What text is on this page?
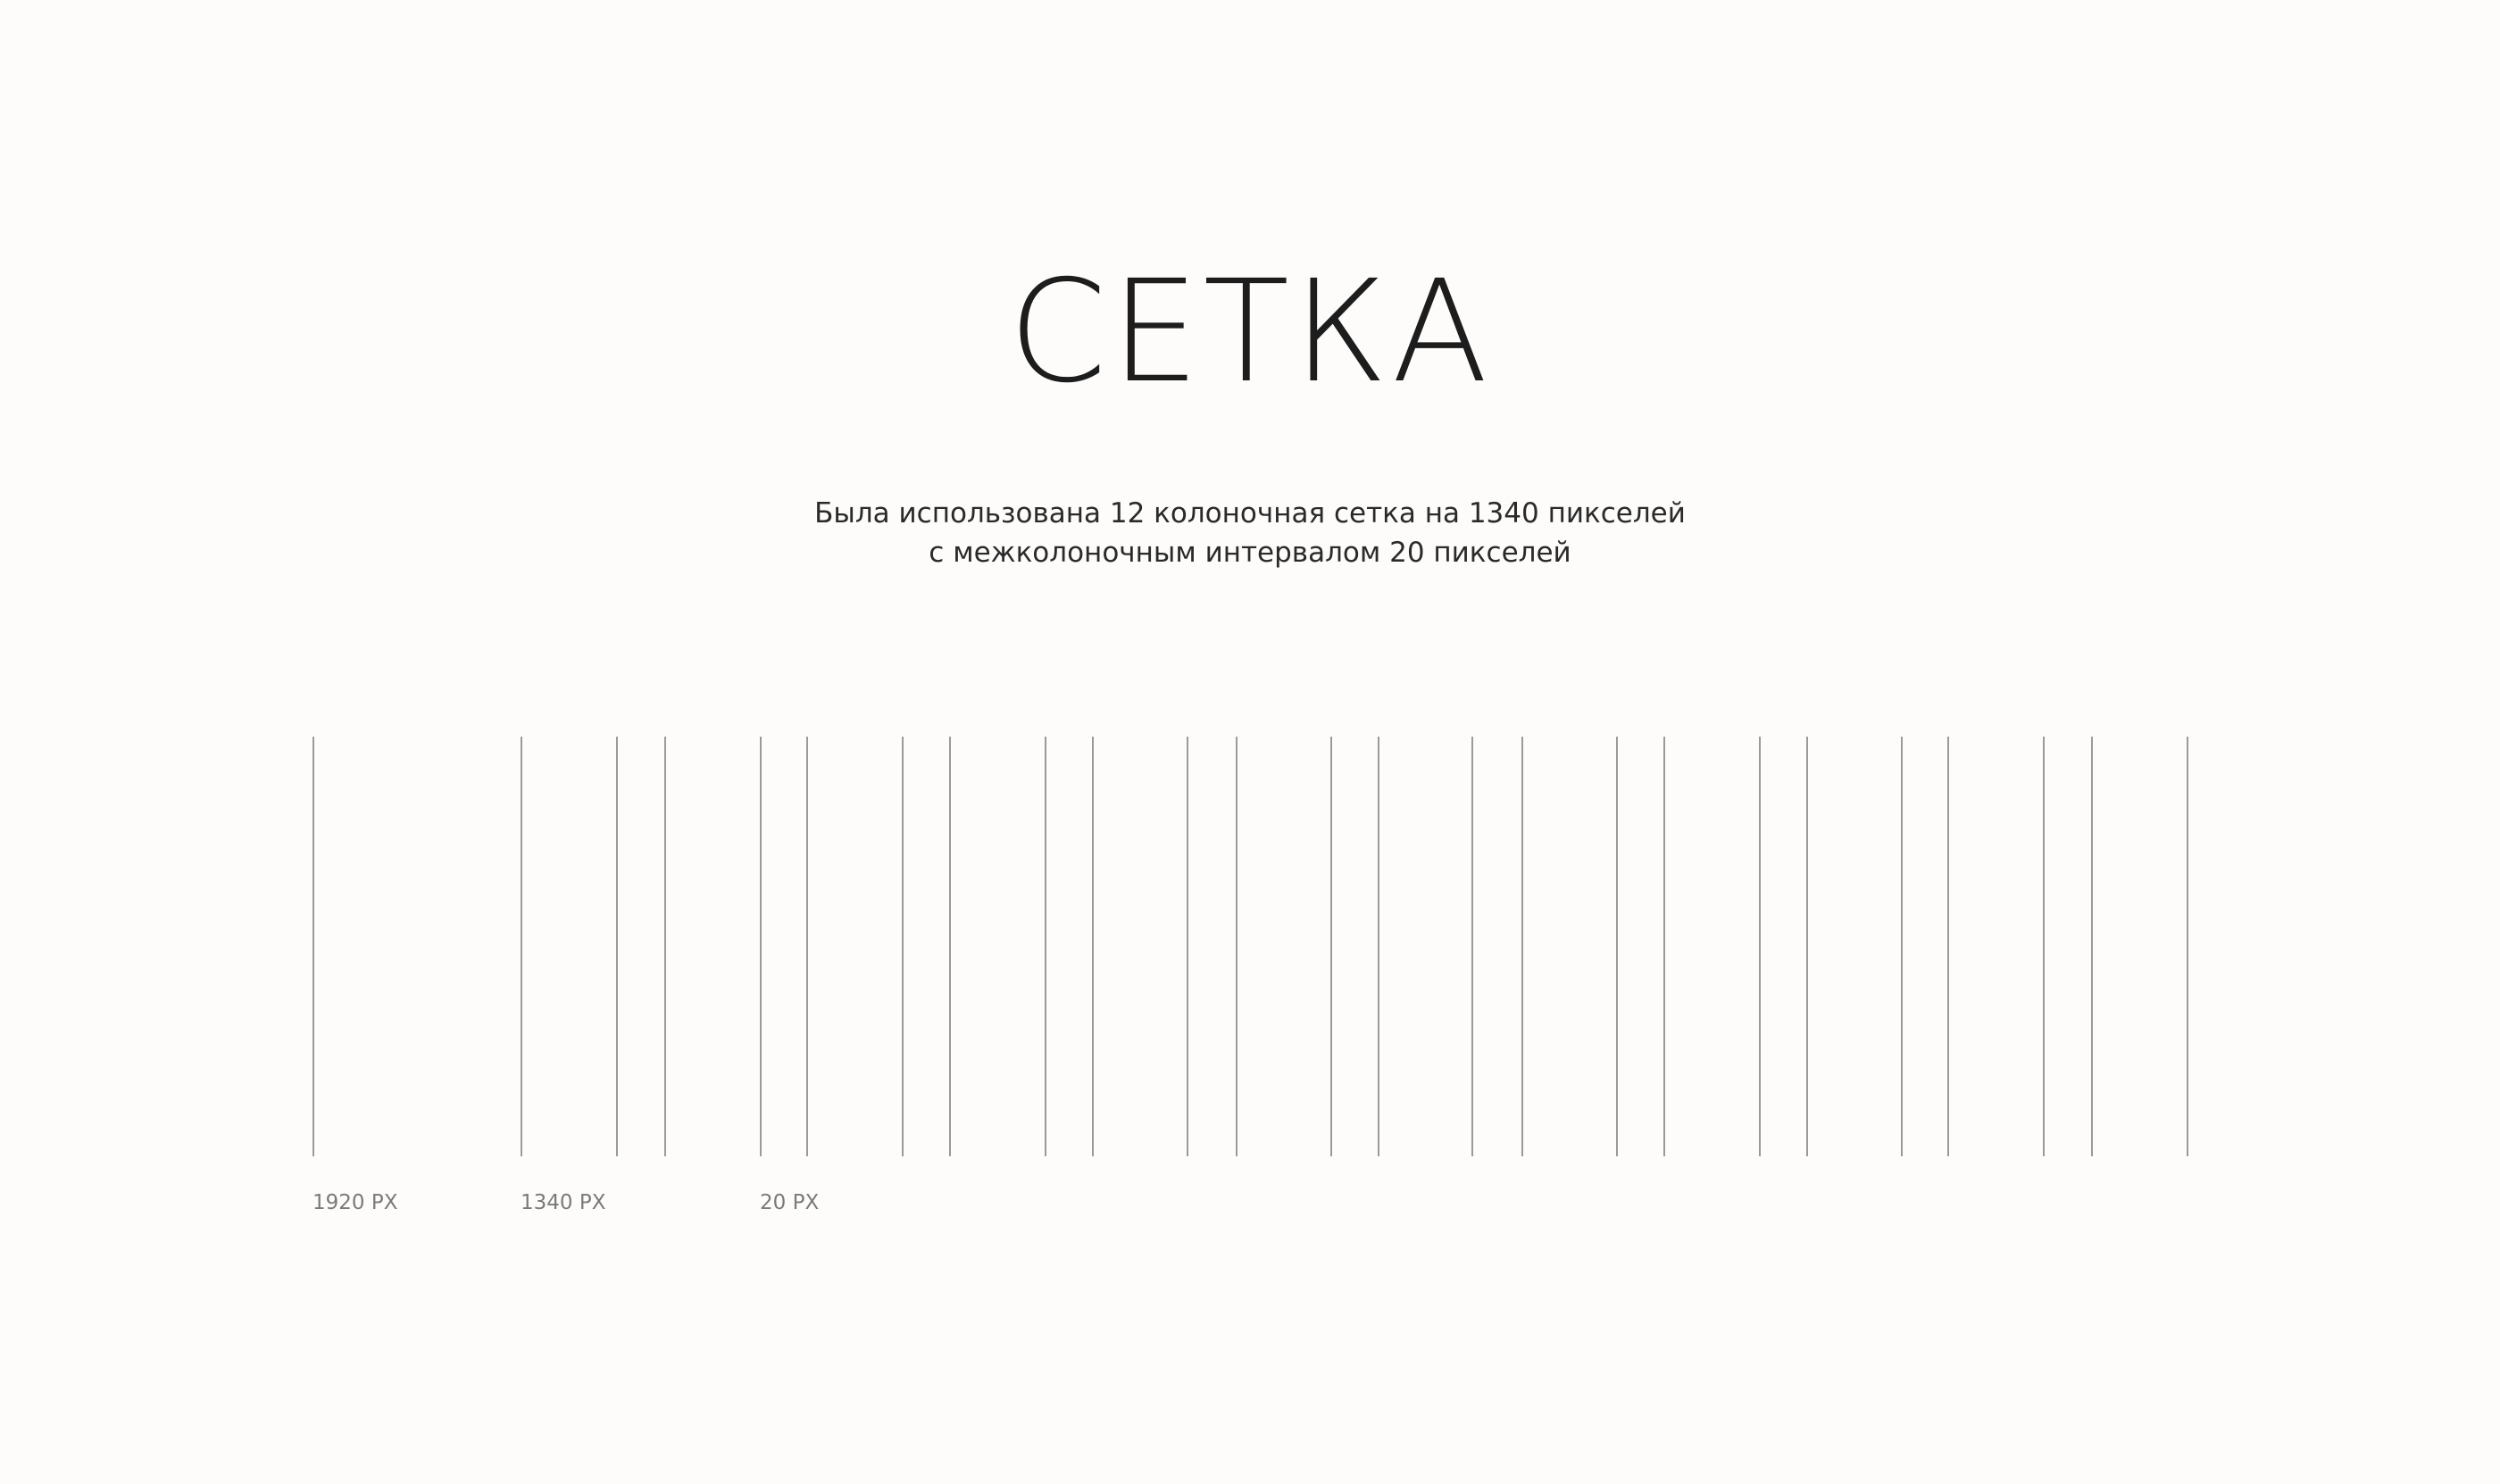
СЕТКА

Была использована 12 колоночная сетка на 1340 пикселей
с межколоночным интервалом 20 пикселей

1920 PX	1340 PX	20 PX
